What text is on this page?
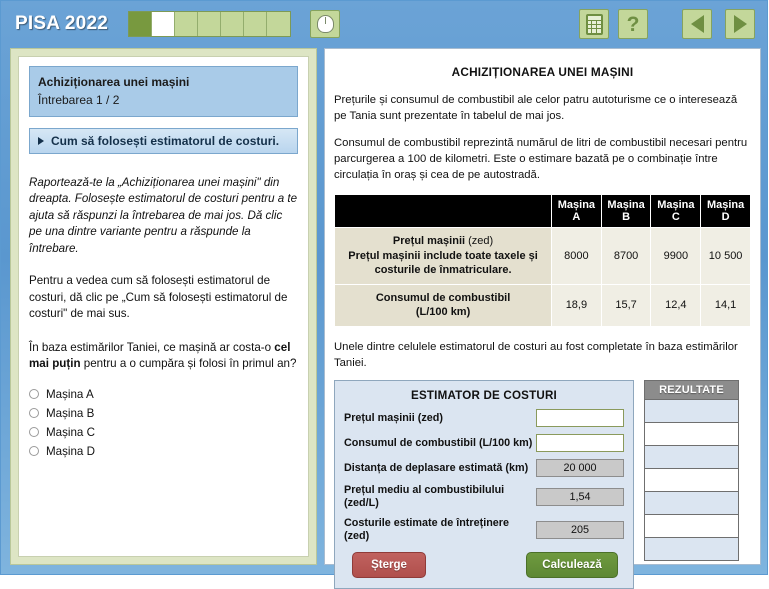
PISA 2022	?
Achiziționarea unei mașini
Întrebarea 1 / 2
Cum să folosești estimatorul de costuri.
Raportează-te la „Achiziționarea unei mașini" din dreapta. Folosește estimatorul de costuri pentru a te ajuta să răspunzi la întrebarea de mai jos. Dă clic pe una dintre variante pentru a răspunde la întrebare.
Pentru a vedea cum să folosești estimatorul de costuri, dă clic pe „Cum să folosești estimatorul de costuri" de mai sus.
În baza estimărilor Taniei, ce mașină ar costa-o cel mai puțin pentru a o cumpăra și folosi în primul an?
Mașina A
Mașina B
Mașina C
Mașina D
ACHIZIȚIONAREA UNEI MAȘINI
Prețurile și consumul de combustibil ale celor patru autoturisme ce o interesează pe Tania sunt prezentate în tabelul de mai jos.
Consumul de combustibil reprezintă numărul de litri de combustibil necesari pentru parcurgerea a 100 de kilometri. Este o estimare bazată pe o combinație între circulația în oraș și cea de pe autostradă.
	Mașina A	Mașina B	Mașina C	Mașina D
Prețul mașinii (zed)
Prețul mașinii include toate taxele și costurile de înmatriculare.	8000	8700	9900	10 500
Consumul de combustibil
(L/100 km)	18,9	15,7	12,4	14,1
Unele dintre celulele estimatorul de costuri au fost completate în baza estimărilor Taniei.
ESTIMATOR DE COSTURI
Prețul mașinii (zed)
Consumul de combustibil (L/100 km)
Distanța de deplasare estimată (km)	20 000
Prețul mediu al combustibilului (zed/L)	1,54
Costurile estimate de întreținere (zed)	205
Șterge	Calculează
REZULTATE
